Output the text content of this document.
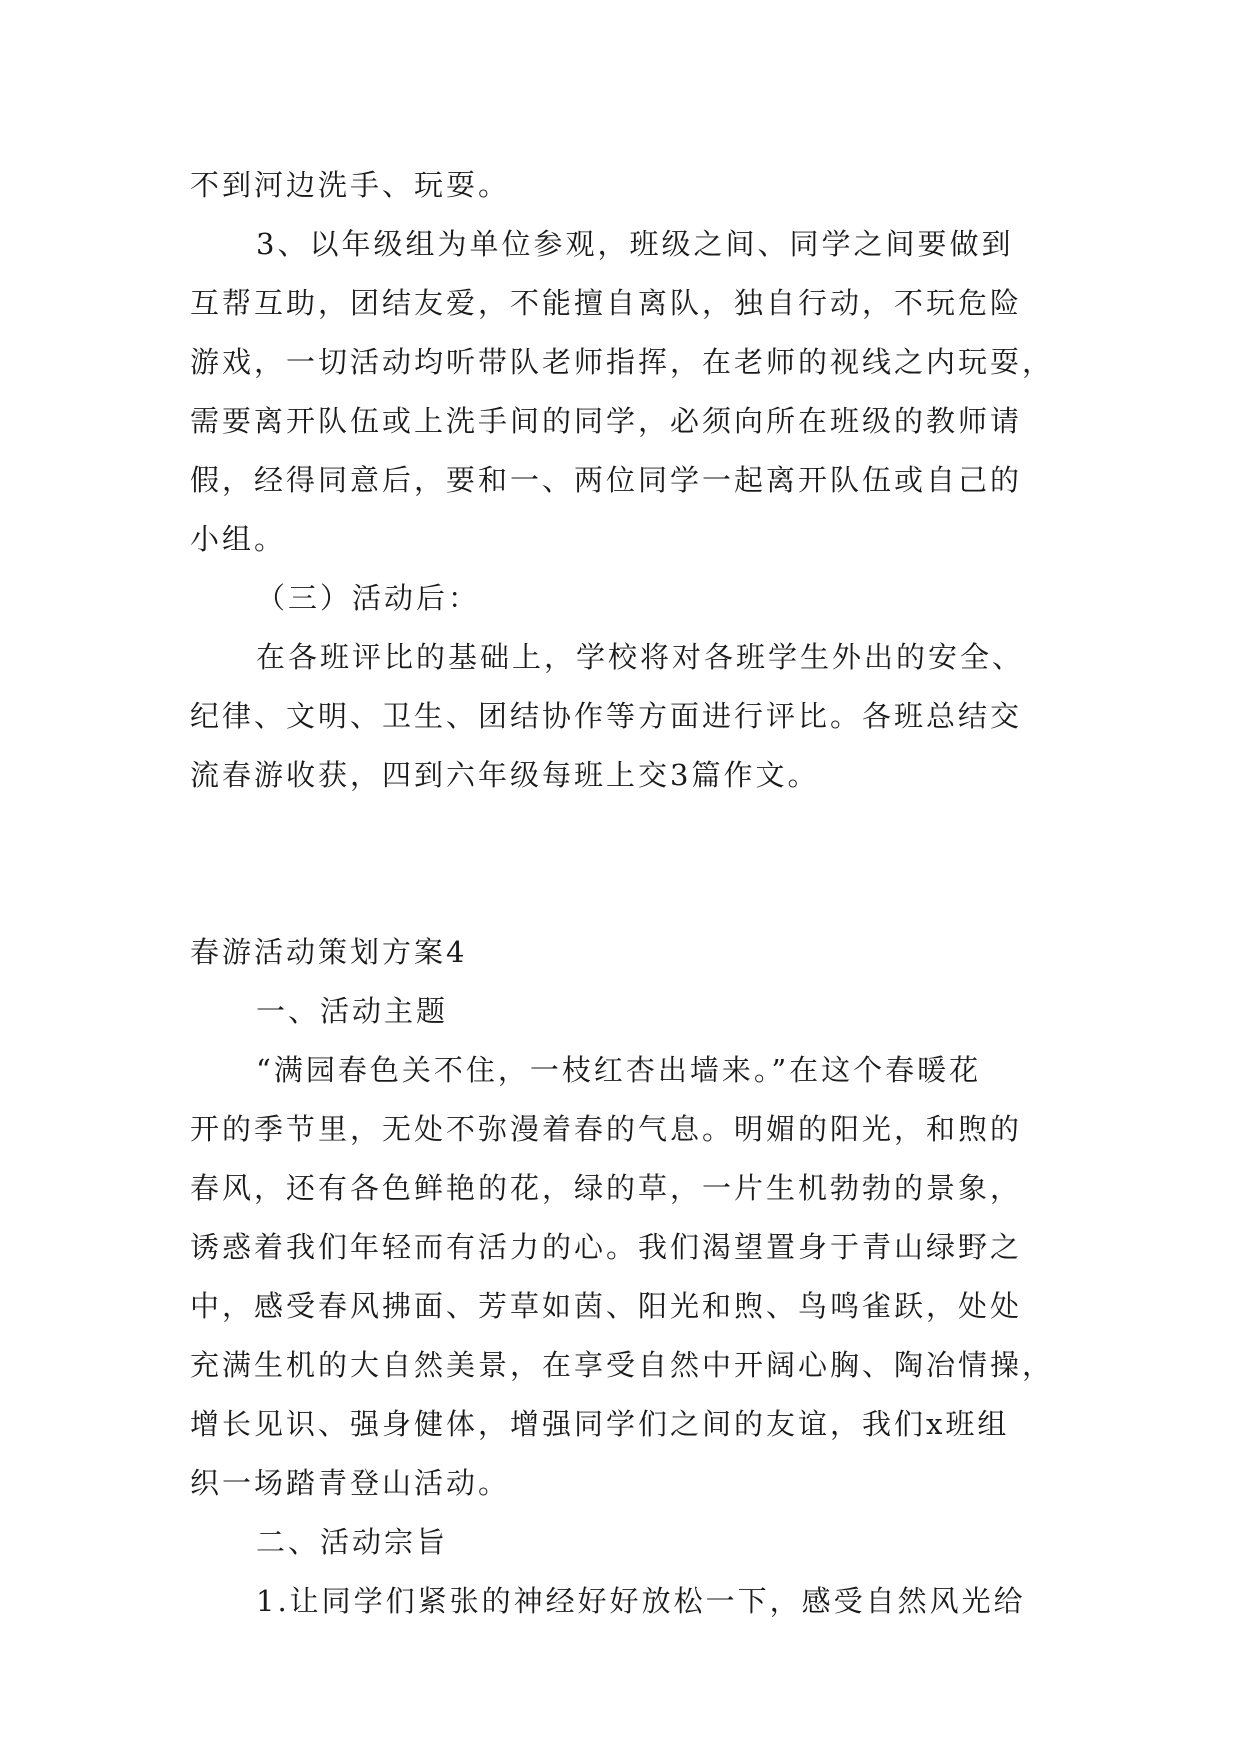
不到河边洗手、玩耍。
3、以年级组为单位参观，班级之间、同学之间要做到
互帮互助，团结友爱，不能擅自离队，独自行动，不玩危险
游戏，一切活动均听带队老师指挥，在老师的视线之内玩耍，
需要离开队伍或上洗手间的同学，必须向所在班级的教师请
假，经得同意后，要和一、两位同学一起离开队伍或自己的
小组。
（三）活动后：
在各班评比的基础上，学校将对各班学生外出的安全、
纪律、文明、卫生、团结协作等方面进行评比。各班总结交
流春游收获，四到六年级每班上交3篇作文。
春游活动策划方案4
一、活动主题
“满园春色关不住，一枝红杏出墙来。”在这个春暖花
开的季节里，无处不弥漫着春的气息。明媚的阳光，和煦的
春风，还有各色鲜艳的花，绿的草，一片生机勃勃的景象，
诱惑着我们年轻而有活力的心。我们渴望置身于青山绿野之
中，感受春风拂面、芳草如茵、阳光和煦、鸟鸣雀跃，处处
充满生机的大自然美景，在享受自然中开阔心胸、陶冶情操，
增长见识、强身健体，增强同学们之间的友谊，我们x班组
织一场踏青登山活动。
二、活动宗旨
1.让同学们紧张的神经好好放松一下，感受自然风光给
